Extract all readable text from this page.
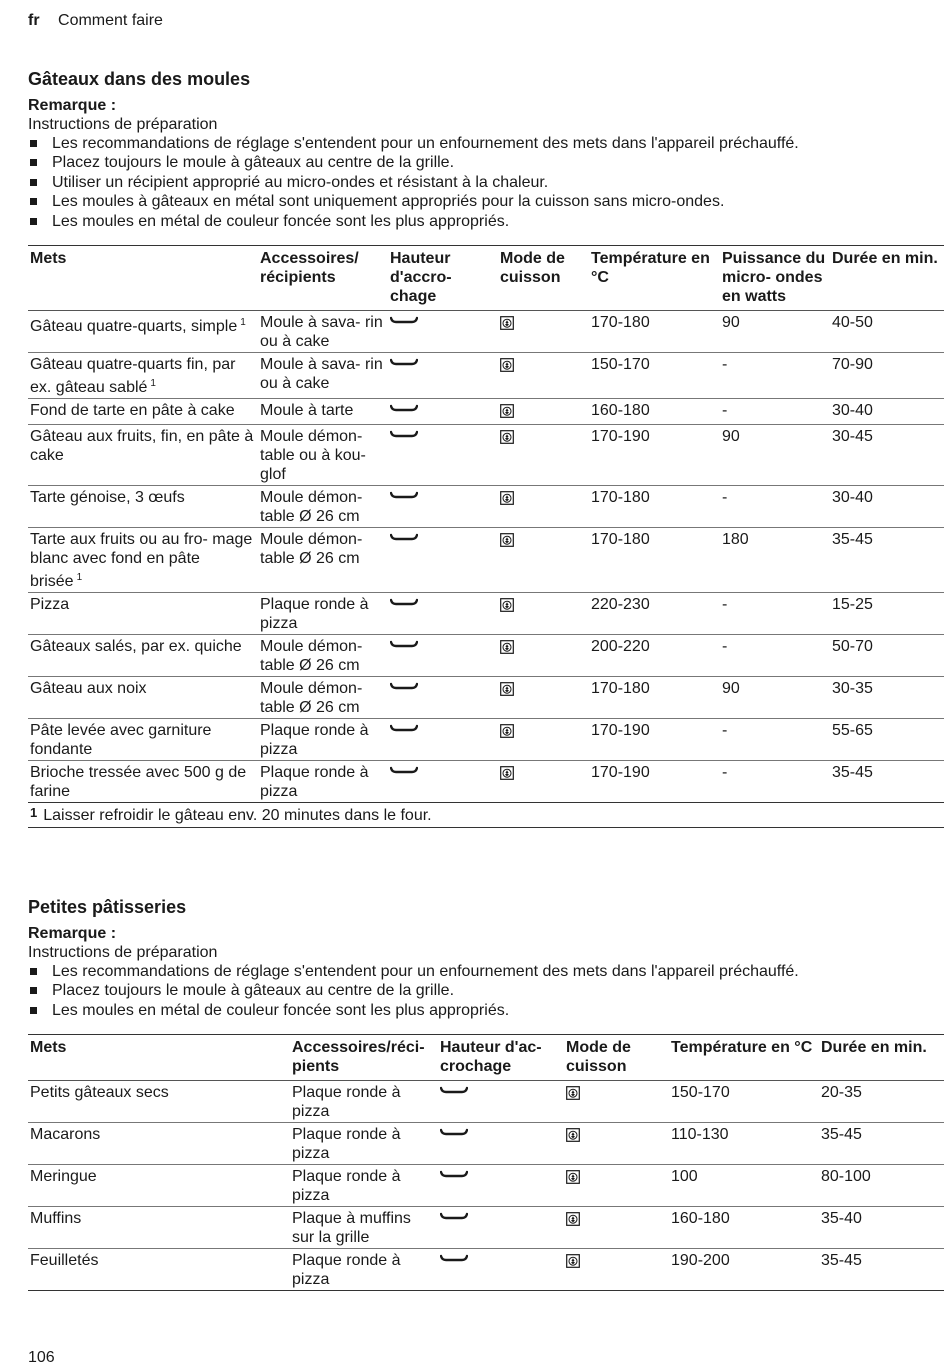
fr Comment faire
Gâteaux dans des moules
Remarque :
Instructions de préparation
Les recommandations de réglage s'entendent pour un enfournement des mets dans l'appareil préchauffé.
Placez toujours le moule à gâteaux au centre de la grille.
Utiliser un récipient approprié au micro-ondes et résistant à la chaleur.
Les moules à gâteaux en métal sont uniquement appropriés pour la cuisson sans micro-ondes.
Les moules en métal de couleur foncée sont les plus appropriés.
Mets	Accessoires/ récipients	Hauteur d'accro- chage	Mode de cuisson	Température en °C	Puissance du micro- ondes en watts	Durée en min.
Gâteau quatre-quarts, simple $^1$	Moule à sava- rin ou à cake			170-180	90	40-50
Gâteau quatre-quarts fin, par ex. gâteau sablé $^1$	Moule à sava- rin ou à cake			150-170	-	70-90
Fond de tarte en pâte à cake	Moule à tarte			160-180	-	30-40
Gâteau aux fruits, fin, en pâte à cake	Moule démon- table ou à kou- glof			170-190	90	30-45
Tarte génoise, 3 œufs	Moule démon- table Ø 26 cm			170-180	-	30-40
Tarte aux fruits ou au fro- mage blanc avec fond en pâte brisée $^1$	Moule démon- table Ø 26 cm			170-180	180	35-45
Pizza	Plaque ronde à pizza			220-230	-	15-25
Gâteaux salés, par ex. quiche	Moule démon- table Ø 26 cm			200-220	-	50-70
Gâteau aux noix	Moule démon- table Ø 26 cm			170-180	90	30-35
Pâte levée avec garniture fondante	Plaque ronde à pizza			170-190	-	55-65
Brioche tressée avec 500 g de farine	Plaque ronde à pizza			170-190	-	35-45
1 Laisser refroidir le gâteau env. 20 minutes dans le four.
Petites pâtisseries
Remarque :
Instructions de préparation
Les recommandations de réglage s'entendent pour un enfournement des mets dans l'appareil préchauffé.
Placez toujours le moule à gâteaux au centre de la grille.
Les moules en métal de couleur foncée sont les plus appropriés.
Mets	Accessoires/réci- pients	Hauteur d'ac- crochage	Mode de cuisson	Température en °C	Durée en min.
Petits gâteaux secs	Plaque ronde à pizza			150-170	20-35
Macarons	Plaque ronde à pizza			110-130	35-45
Meringue	Plaque ronde à pizza			100	80-100
Muffins	Plaque à muffins sur la grille			160-180	35-40
Feuilletés	Plaque ronde à pizza			190-200	35-45
106
